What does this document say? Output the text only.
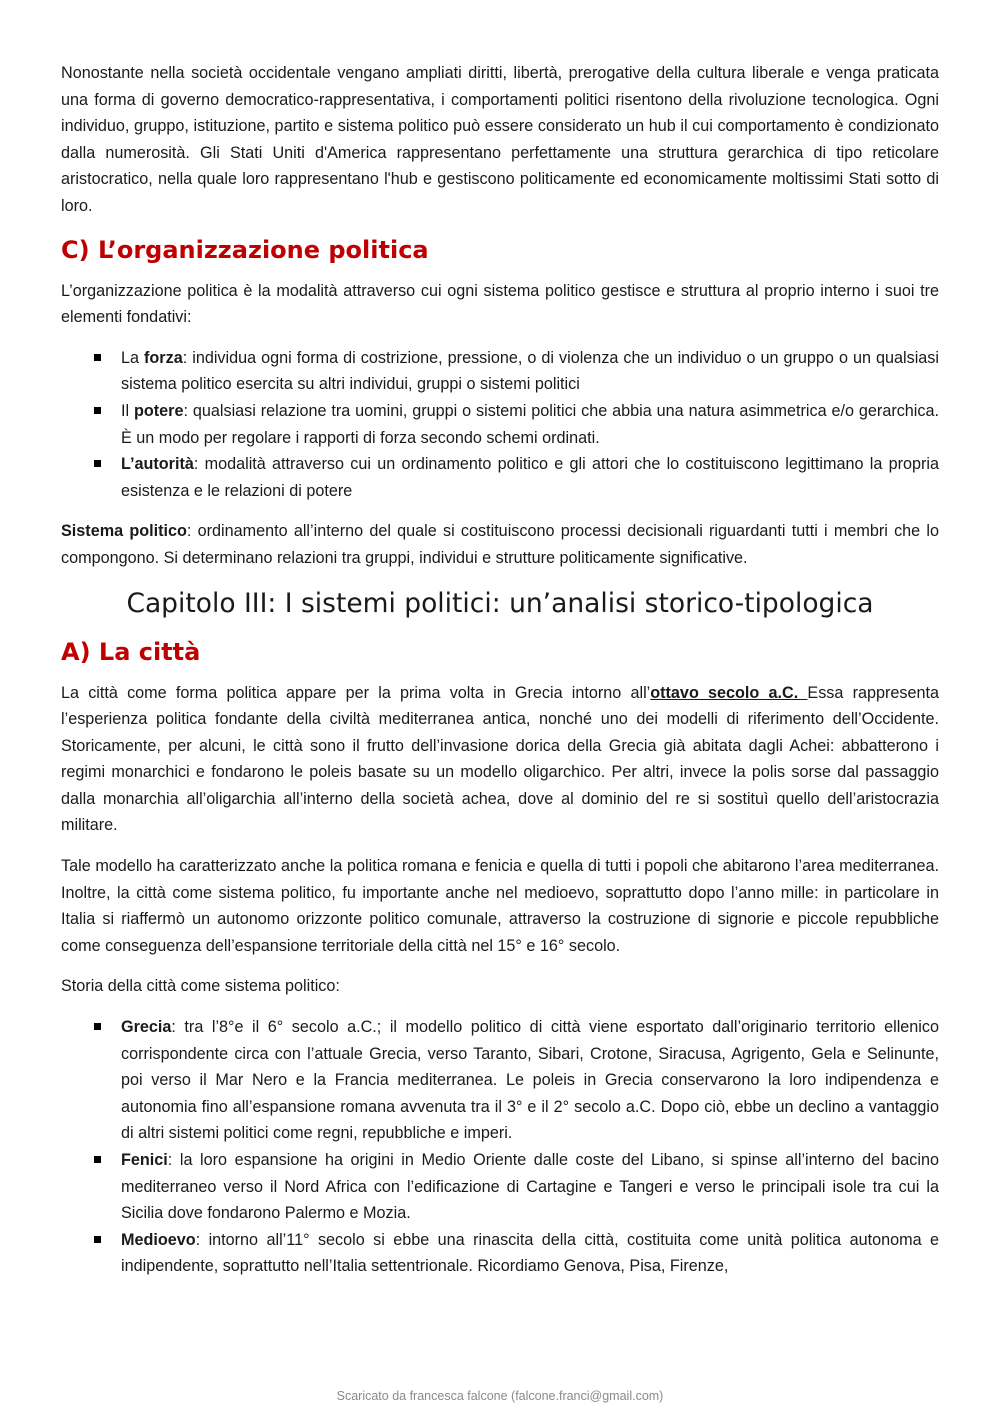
Nonostante nella società occidentale vengano ampliati diritti, libertà, prerogative della cultura liberale e venga praticata una forma di governo democratico-rappresentativa, i comportamenti politici risentono della rivoluzione tecnologica. Ogni individuo, gruppo, istituzione, partito e sistema politico può essere considerato un hub il cui comportamento è condizionato dalla numerosità. Gli Stati Uniti d'America rappresentano perfettamente una struttura gerarchica di tipo reticolare aristocratico, nella quale loro rappresentano l'hub e gestiscono politicamente ed economicamente moltissimi Stati sotto di loro.

C) L’organizzazione politica

L’organizzazione politica è la modalità attraverso cui ogni sistema politico gestisce e struttura al proprio interno i suoi tre elementi fondativi:

La forza: individua ogni forma di costrizione, pressione, o di violenza che un individuo o un gruppo o un qualsiasi sistema politico esercita su altri individui, gruppi o sistemi politici
Il potere: qualsiasi relazione tra uomini, gruppi o sistemi politici che abbia una natura asimmetrica e/o gerarchica. È un modo per regolare i rapporti di forza secondo schemi ordinati.
L’autorità: modalità attraverso cui un ordinamento politico e gli attori che lo costituiscono legittimano la propria esistenza e le relazioni di potere

Sistema politico: ordinamento all’interno del quale si costituiscono processi decisionali riguardanti tutti i membri che lo compongono. Si determinano relazioni tra gruppi, individui e strutture politicamente significative.

Capitolo III: I sistemi politici: un’analisi storico-tipologica
A) La città

La città come forma politica appare per la prima volta in Grecia intorno all’ottavo secolo a.C. Essa rappresenta l’esperienza politica fondante della civiltà mediterranea antica, nonché uno dei modelli di riferimento dell’Occidente. Storicamente, per alcuni, le città sono il frutto dell’invasione dorica della Grecia già abitata dagli Achei: abbatterono i regimi monarchici e fondarono le poleis basate su un modello oligarchico. Per altri, invece la polis sorse dal passaggio dalla monarchia all’oligarchia all’interno della società achea, dove al dominio del re si sostituì quello dell’aristocrazia militare.

Tale modello ha caratterizzato anche la politica romana e fenicia e quella di tutti i popoli che abitarono l’area mediterranea. Inoltre, la città come sistema politico, fu importante anche nel medioevo, soprattutto dopo l’anno mille: in particolare in Italia si riaffermò un autonomo orizzonte politico comunale, attraverso la costruzione di signorie e piccole repubbliche come conseguenza dell’espansione territoriale della città nel 15° e 16° secolo.

Storia della città come sistema politico:

Grecia: tra l’8°e il 6° secolo a.C.; il modello politico di città viene esportato dall’originario territorio ellenico corrispondente circa con l’attuale Grecia, verso Taranto, Sibari, Crotone, Siracusa, Agrigento, Gela e Selinunte, poi verso il Mar Nero e la Francia mediterranea. Le poleis in Grecia conservarono la loro indipendenza e autonomia fino all’espansione romana avvenuta tra il 3° e il 2° secolo a.C. Dopo ciò, ebbe un declino a vantaggio di altri sistemi politici come regni, repubbliche e imperi.
Fenici: la loro espansione ha origini in Medio Oriente dalle coste del Libano, si spinse all’interno del bacino mediterraneo verso il Nord Africa con l’edificazione di Cartagine e Tangeri e verso le principali isole tra cui la Sicilia dove fondarono Palermo e Mozia.
Medioevo: intorno all’11° secolo si ebbe una rinascita della città, costituita come unità politica autonoma e indipendente, soprattutto nell’Italia settentrionale. Ricordiamo Genova, Pisa, Firenze,
Scaricato da francesca falcone (falcone.franci@gmail.com)
